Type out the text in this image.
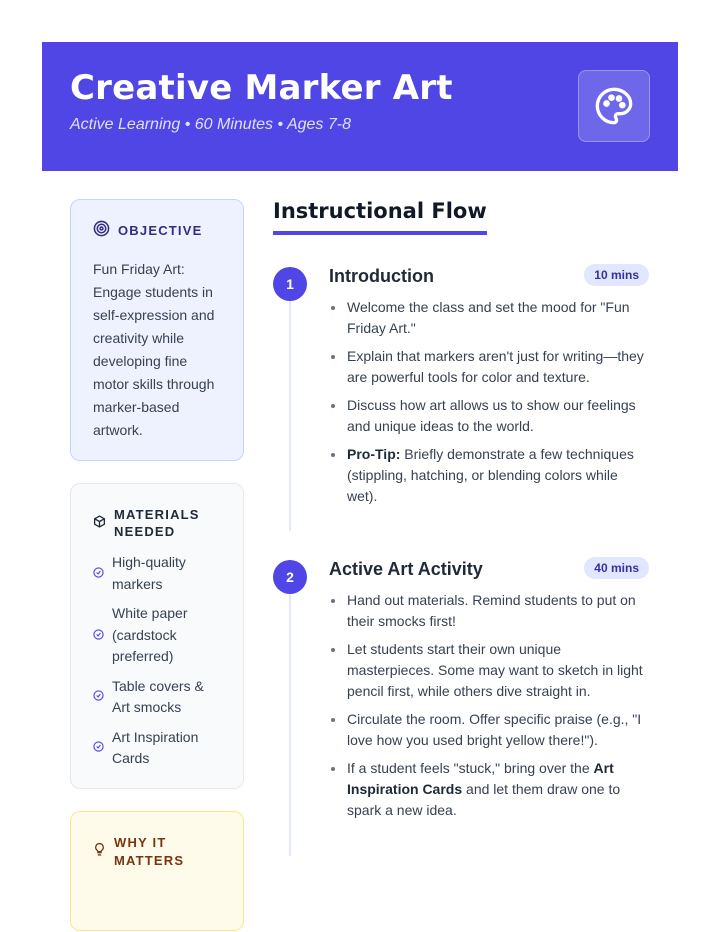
Creative Marker Art
Active Learning • 60 Minutes • Ages 7-8
OBJECTIVE
Fun Friday Art: Engage students in self-expression and creativity while developing fine motor skills through marker-based artwork.
MATERIALS NEEDED
High-quality markers
White paper (cardstock preferred)
Table covers & Art smocks
Art Inspiration Cards
WHY IT MATTERS
Instructional Flow
1	Introduction	10 mins
Welcome the class and set the mood for "Fun Friday Art."
Explain that markers aren't just for writing—they are powerful tools for color and texture.
Discuss how art allows us to show our feelings and unique ideas to the world.
Pro-Tip: Briefly demonstrate a few techniques (stippling, hatching, or blending colors while wet).
2	Active Art Activity	40 mins
Hand out materials. Remind students to put on their smocks first!
Let students start their own unique masterpieces. Some may want to sketch in light pencil first, while others dive straight in.
Circulate the room. Offer specific praise (e.g., "I love how you used bright yellow there!").
If a student feels "stuck," bring over the Art Inspiration Cards and let them draw one to spark a new idea.
